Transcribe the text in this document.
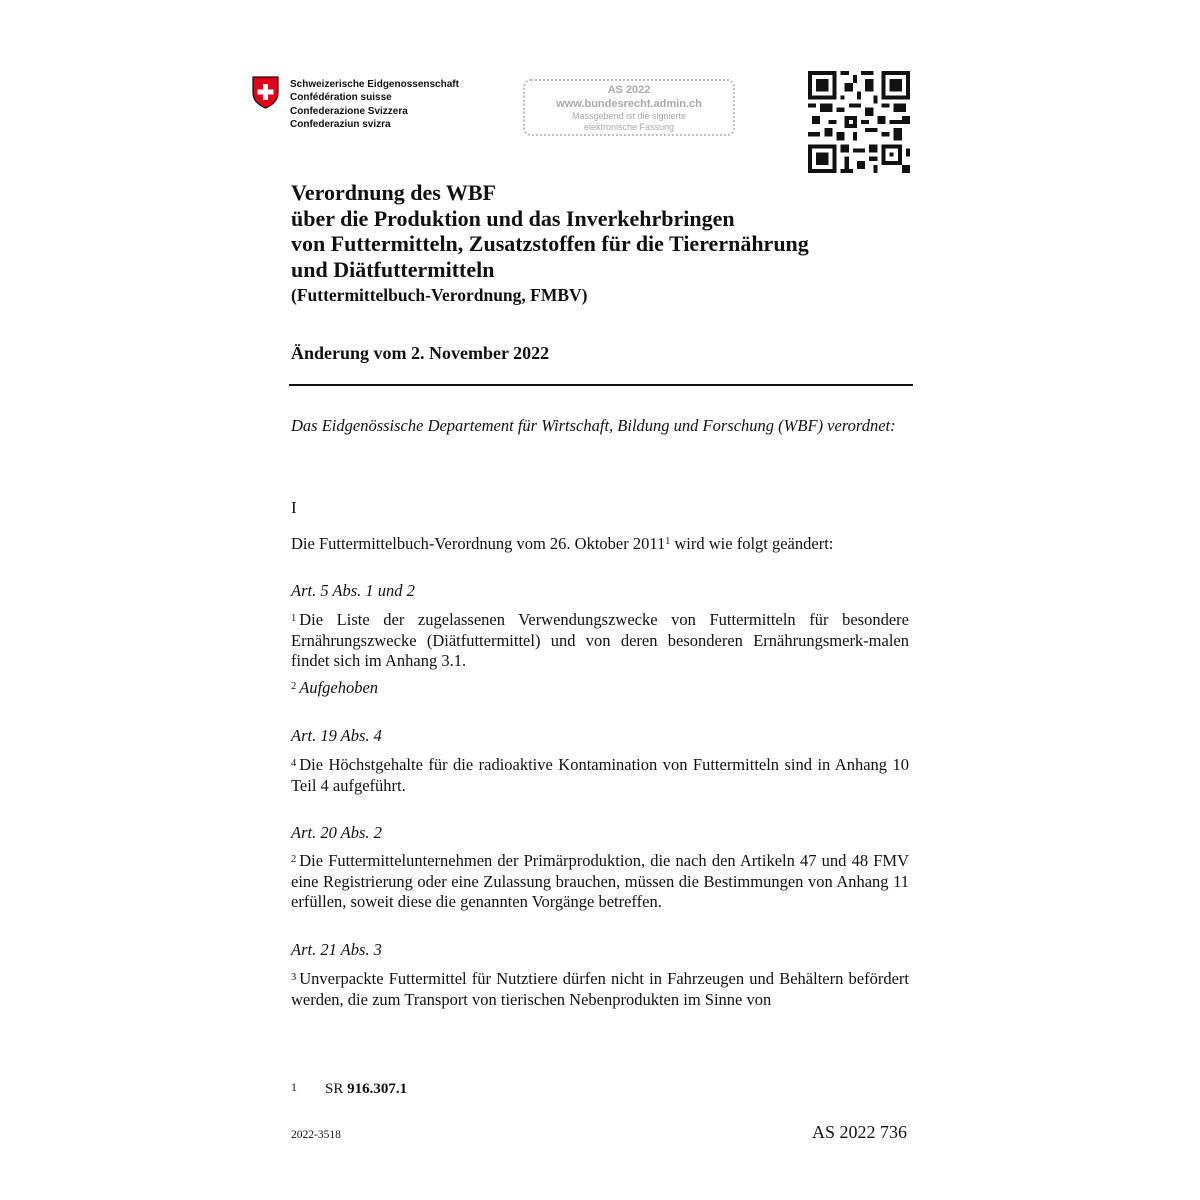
Schweizerische Eidgenossenschaft
Confédération suisse
Confederazione Svizzera
Confederaziun svizra
AS 2022
www.bundesrecht.admin.ch
Massgebend ist die signierte
elektronische Fassung
Verordnung des WBF
über die Produktion und das Inverkehrbringen
von Futtermitteln, Zusatzstoffen für die Tierernährung
und Diätfuttermitteln
(Futtermittelbuch-Verordnung, FMBV)
Änderung vom 2. November 2022
Das Eidgenössische Departement für Wirtschaft, Bildung und Forschung (WBF) verordnet:
I
Die Futtermittelbuch-Verordnung vom 26. Oktober 2011$^1$ wird wie folgt geändert:
Art. 5 Abs. 1 und 2
$^1$ Die Liste der zugelassenen Verwendungszwecke von Futtermitteln für besondere Ernährungszwecke (Diätfuttermittel) und von deren besonderen Ernährungsmerk-malen findet sich im Anhang 3.1.
$^2$ Aufgehoben
Art. 19 Abs. 4
$^4$ Die Höchstgehalte für die radioaktive Kontamination von Futtermitteln sind in Anhang 10 Teil 4 aufgeführt.
Art. 20 Abs. 2
$^2$ Die Futtermittelunternehmen der Primärproduktion, die nach den Artikeln 47 und 48 FMV eine Registrierung oder eine Zulassung brauchen, müssen die Bestimmungen von Anhang 11 erfüllen, soweit diese die genannten Vorgänge betreffen.
Art. 21 Abs. 3
$^3$ Unverpackte Futtermittel für Nutztiere dürfen nicht in Fahrzeugen und Behältern befördert werden, die zum Transport von tierischen Nebenprodukten im Sinne von
1 SR 916.307.1
2022-3518	AS 2022 736
